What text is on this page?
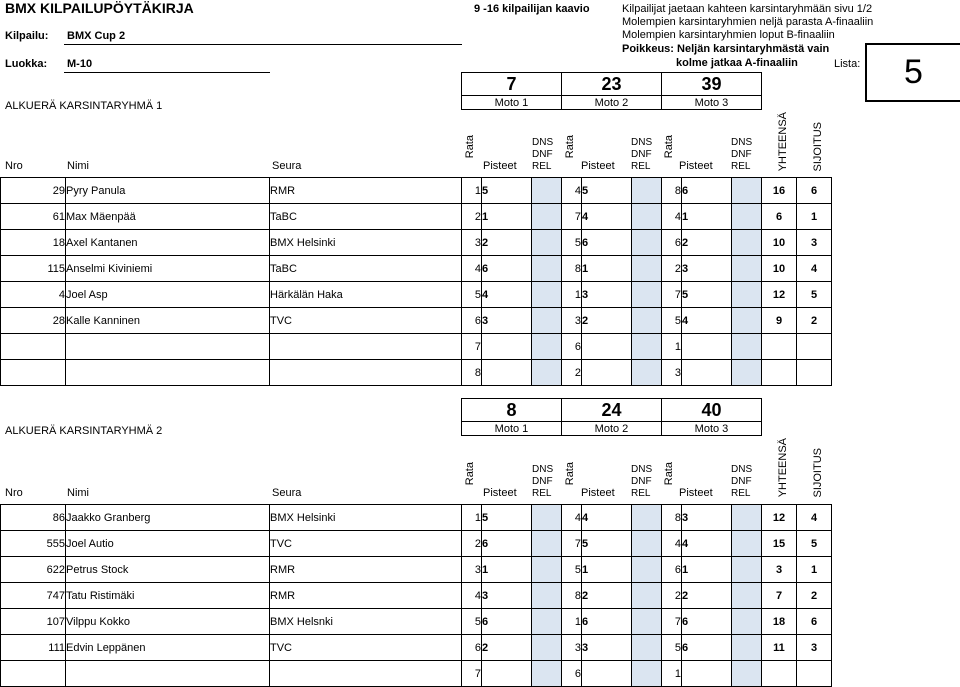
BMX KILPAILUPÖYTÄKIRJA	9 -16 kilpailijan kaavio	Kilpailijat jaetaan kahteen karsintaryhmään sivu 1/2
Molempien karsintaryhmien neljä parasta A-finaaliin
Molempien karsintaryhmien loput B-finaaliin
Poikkeus: Neljän karsintaryhmästä vain
kolme jatkaa A-finaaliin
Kilpailu: BMX Cup 2
Luokka: M-10	Lista:	5
ALKUERÄ KARSINTARYHMÄ 1
7	23	39
Moto 1	Moto 2	Moto 3
Nro	Nimi	Seura
Rata
Pisteet
DNS
DNF
REL
Rata
Pisteet
DNS
DNF
REL
Rata
Pisteet
DNS
DNF
REL YHTEENSÄ SIJOITUS
29	Pyry Panula	RMR	1	5		4	5		8	6		16	6
61	Max Mäenpää	TaBC	2	1		7	4		4	1		6	1
18	Axel Kantanen	BMX Helsinki	3	2		5	6		6	2		10	3
115	Anselmi Kiviniemi	TaBC	4	6		8	1		2	3		10	4
4	Joel Asp	Härkälän Haka	5	4		1	3		7	5		12	5
28	Kalle Kanninen	TVC	6	3		3	2		5	4		9	2
			7			6			1				
			8			2			3				
ALKUERÄ KARSINTARYHMÄ 2
8	24	40
Moto 1	Moto 2	Moto 3
Nro	Nimi	Seura
Rata
Pisteet
DNS
DNF
REL
Rata
Pisteet
DNS
DNF
REL
Rata
Pisteet
DNS
DNF
REL YHTEENSÄ SIJOITUS
86	Jaakko Granberg	BMX Helsinki	1	5		4	4		8	3		12	4
555	Joel Autio	TVC	2	6		7	5		4	4		15	5
622	Petrus Stock	RMR	3	1		5	1		6	1		3	1
747	Tatu Ristimäki	RMR	4	3		8	2		2	2		7	2
107	Vilppu Kokko	BMX Helsnki	5	6		1	6		7	6		18	6
111	Edvin Leppänen	TVC	6	2		3	3		5	6		11	3
			7			6			1				
